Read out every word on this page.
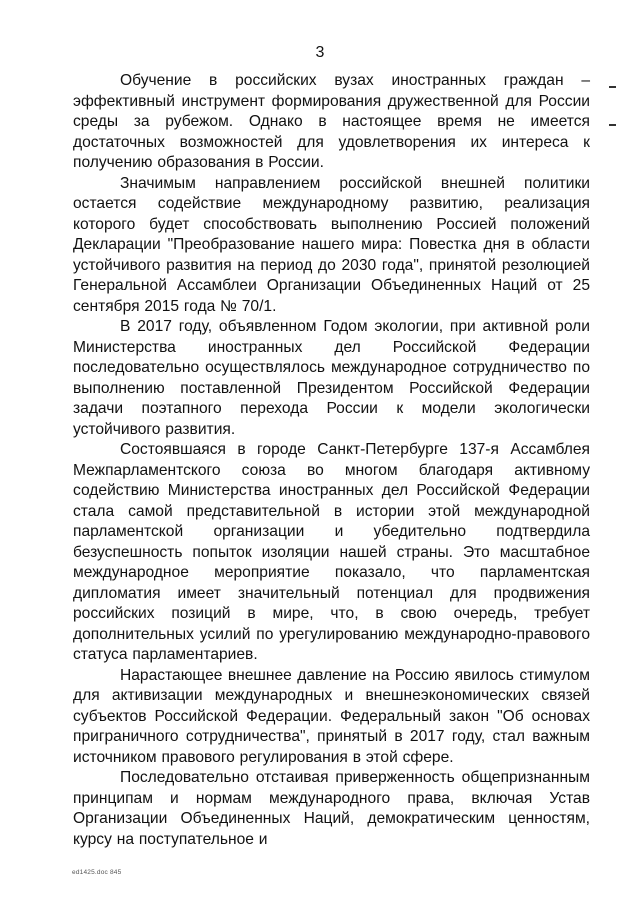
3

Обучение в российских вузах иностранных граждан – эффективный инструмент формирования дружественной для России среды за рубежом. Однако в настоящее время не имеется достаточных возможностей для удовлетворения их интереса к получению образования в России.

Значимым направлением российской внешней политики остается содействие международному развитию, реализация которого будет способствовать выполнению Россией положений Декларации "Преобразование нашего мира: Повестка дня в области устойчивого развития на период до 2030 года", принятой резолюцией Генеральной Ассамблеи Организации Объединенных Наций от 25 сентября 2015 года № 70/1.

В 2017 году, объявленном Годом экологии, при активной роли Министерства иностранных дел Российской Федерации последовательно осуществлялось международное сотрудничество по выполнению поставленной Президентом Российской Федерации задачи поэтапного перехода России к модели экологически устойчивого развития.

Состоявшаяся в городе Санкт-Петербурге 137-я Ассамблея Межпарламентского союза во многом благодаря активному содействию Министерства иностранных дел Российской Федерации стала самой представительной в истории этой международной парламентской организации и убедительно подтвердила безуспешность попыток изоляции нашей страны. Это масштабное международное мероприятие показало, что парламентская дипломатия имеет значительный потенциал для продвижения российских позиций в мире, что, в свою очередь, требует дополнительных усилий по урегулированию международно-правового статуса парламентариев.

Нарастающее внешнее давление на Россию явилось стимулом для активизации международных и внешнеэкономических связей субъектов Российской Федерации. Федеральный закон "Об основах приграничного сотрудничества", принятый в 2017 году, стал важным источником правового регулирования в этой сфере.

Последовательно отстаивая приверженность общепризнанным принципам и нормам международного права, включая Устав Организации Объединенных Наций, демократическим ценностям, курсу на поступательное и

ed1425.doc 845
